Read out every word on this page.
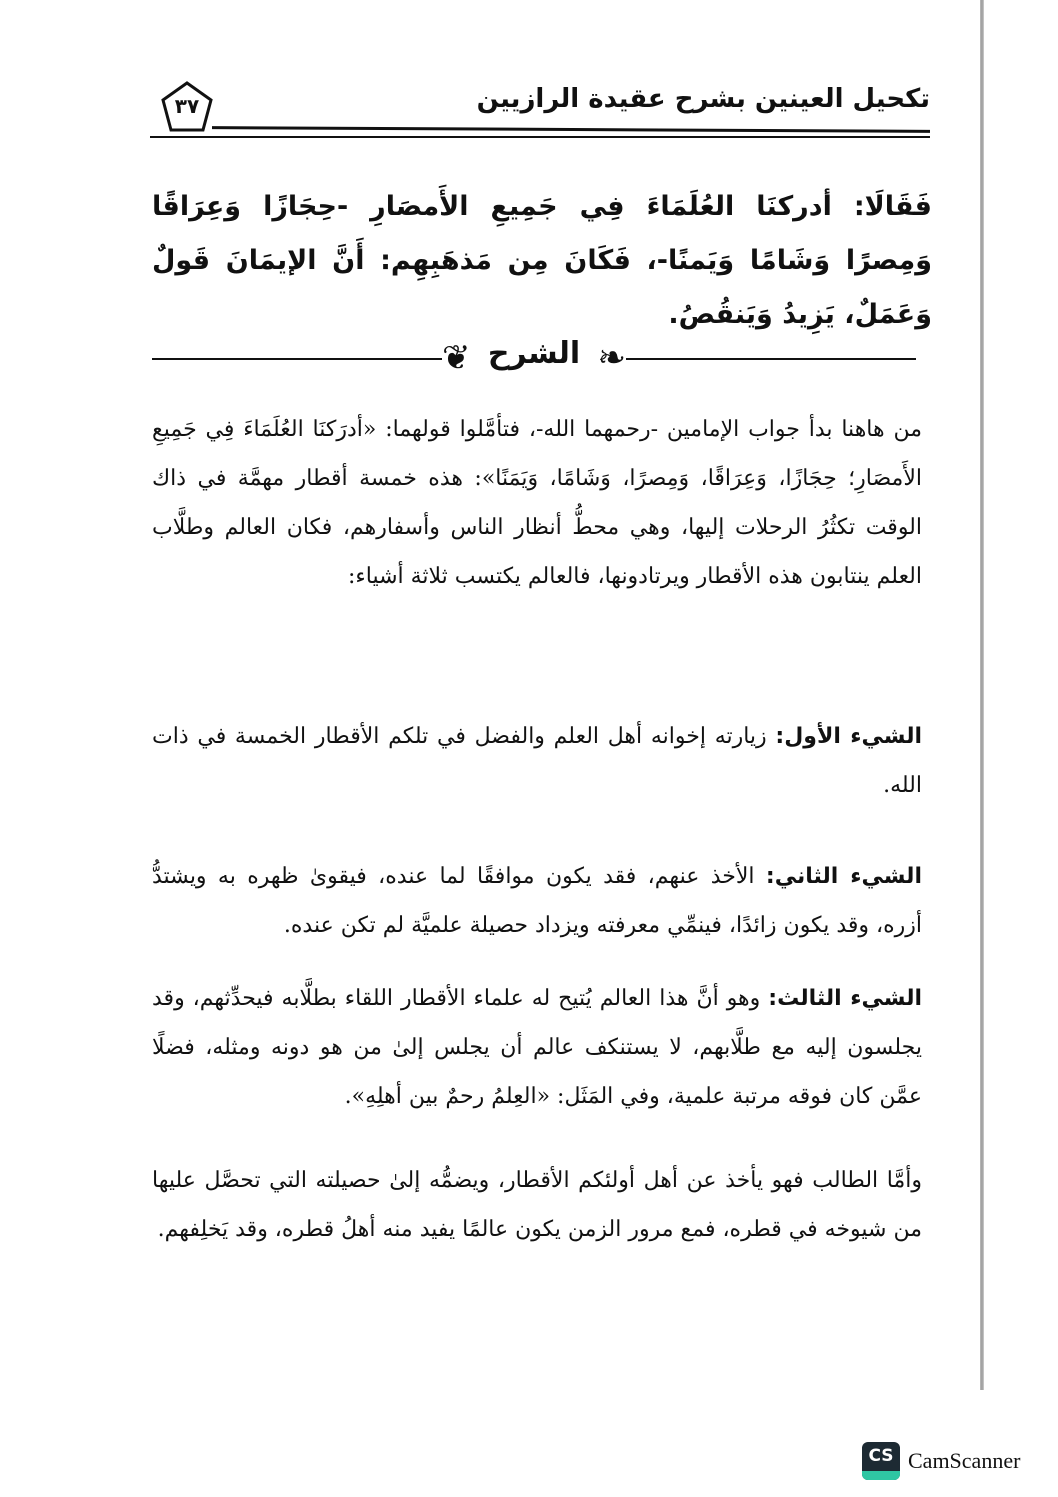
٣٧	تكحيل العينين بشرح عقيدة الرازيين
فَقَالَا: أدركنَا العُلَمَاءَ فِي جَمِيعِ الأَمصَارِ -حِجَازًا وَعِرَاقًا وَمِصرًا وَشَامًا وَيَمنًا-، فَكَانَ مِن مَذهَبِهِم: أَنَّ الإيمَانَ قَولٌ وَعَمَلٌ، يَزِيدُ وَيَنقُصُ.
❦ الشرح ❧
من هاهنا بدأ جواب الإمامين -رحمهما الله-، فتأمَّلوا قولهما: «أدرَكنَا العُلَمَاءَ فِي جَمِيعِ الأَمصَارِ؛ حِجَازًا، وَعِرَاقًا، وَمِصرًا، وَشَامًا، وَيَمَنًا»: هذه خمسة أقطار مهمَّة في ذاك الوقت تكثُرُ الرحلات إليها، وهي محطُّ أنظار الناس وأسفارهم، فكان العالم وطلَّاب العلم ينتابون هذه الأقطار ويرتادونها، فالعالم يكتسب ثلاثة أشياء:
الشيء الأول: زيارته إخوانه أهل العلم والفضل في تلكم الأقطار الخمسة في ذات الله.
الشيء الثاني: الأخذ عنهم، فقد يكون موافقًا لما عنده، فيقوىٰ ظهره به ويشتدُّ أزره، وقد يكون زائدًا، فينمِّي معرفته ويزداد حصيلة علميَّة لم تكن عنده.
الشيء الثالث: وهو أنَّ هذا العالم يُتيح له علماء الأقطار اللقاء بطلَّابه فيحدِّثهم، وقد يجلسون إليه مع طلَّابهم، لا يستنكف عالم أن يجلس إلىٰ من هو دونه ومثله، فضلًا عمَّن كان فوقه مرتبة علمية، وفي المَثَل: «العِلمُ رحمٌ بين أهلِهِ».
وأمَّا الطالب فهو يأخذ عن أهل أولئكم الأقطار، ويضمُّه إلىٰ حصيلته التي تحصَّل عليها من شيوخه في قطره، فمع مرور الزمن يكون عالمًا يفيد منه أهلُ قطره، وقد يَخلِفهم.
CS CamScanner
